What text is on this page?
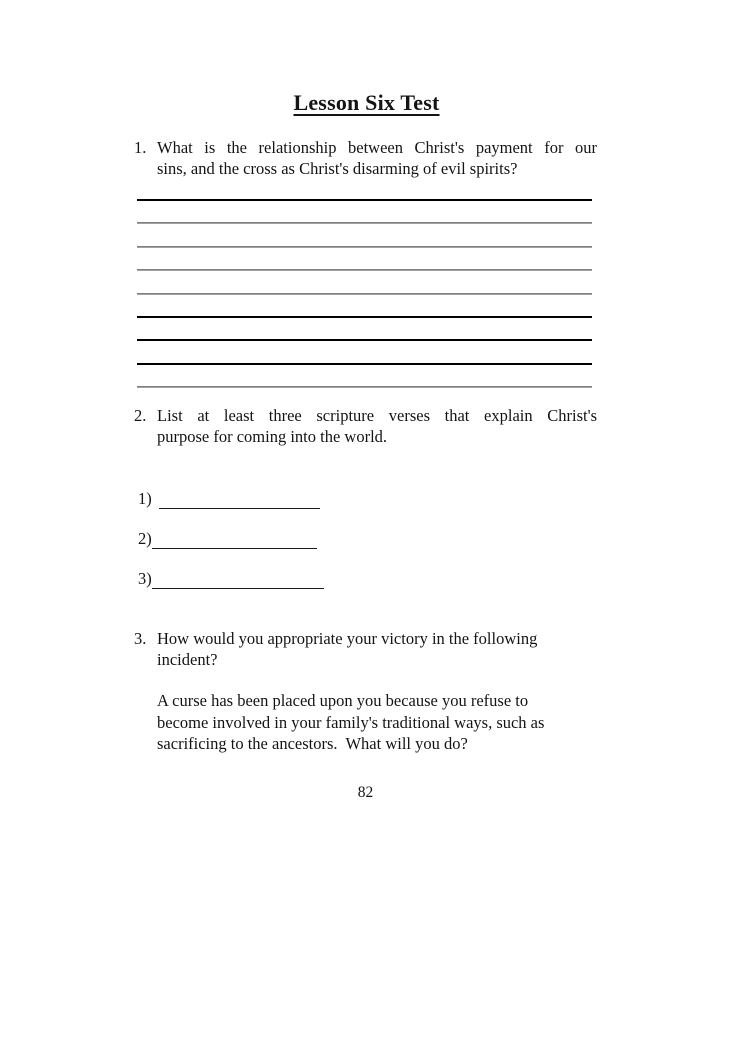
Lesson Six Test
1. What is the relationship between Christ's payment for our
sins, and the cross as Christ's disarming of evil spirits?
2. List at least three scripture verses that explain Christ's
purpose for coming into the world.
1)
2)
3)
3. How would you appropriate your victory in the following
incident?
A curse has been placed upon you because you refuse to
become involved in your family's traditional ways, such as
sacrificing to the ancestors.  What will you do?
82
